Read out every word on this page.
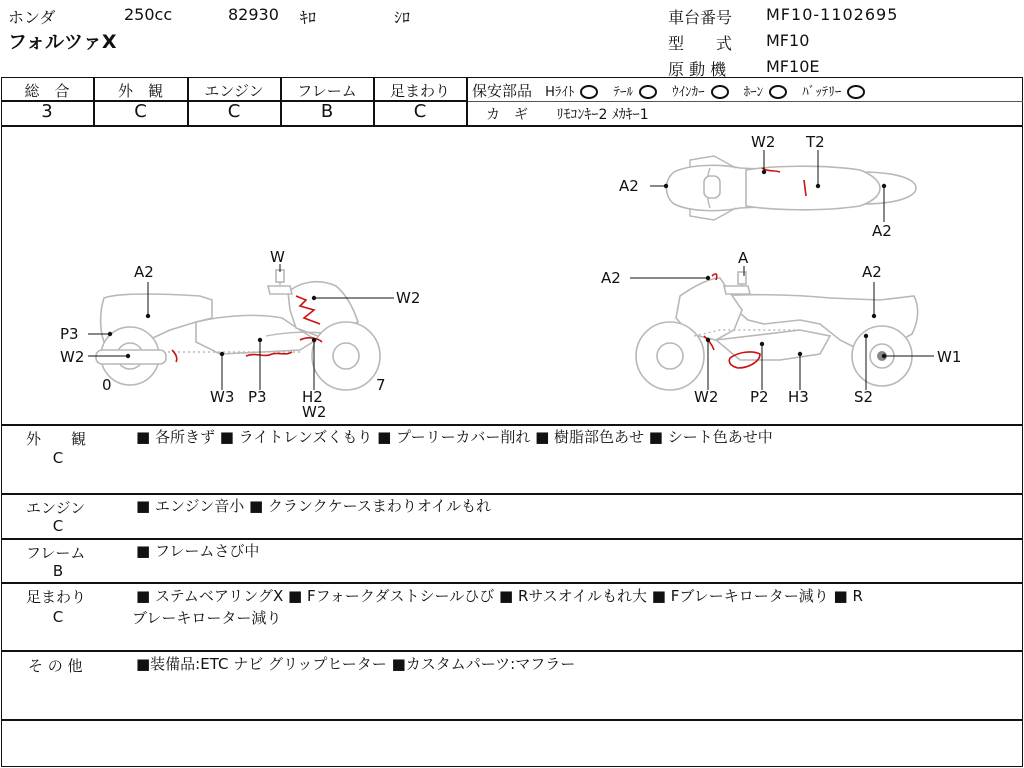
ホンダ	250cc	82930 ｷﾛ	ｼﾛ
フォルツァX
車台番号 MF10-1102695
型　　式 MF10
原 動 機 MF10E
総　合	外　観	エンジン	フレーム	足まわり
3	C	C	B	C
保安部品 Hﾗｲﾄ	ﾃｰﾙ	ｳｲﾝｶｰ	ﾎｰﾝ	ﾊﾞｯﾃﾘｰ
カ　ギ ﾘﾓｺﾝｷｰ2 ﾒｶｷｰ1
A2
P3
W2
0
W3 P3 H2
W2
7
W
W2
A2
A
A2
W1
W2 P2 H3	S2
W2 T2
A2
A2
外　　観
C
■ 各所きず ■ ライトレンズくもり ■ プーリーカバー削れ ■ 樹脂部色あせ ■ シート色あせ中
エンジン
C
■ エンジン音小 ■ クランクケースまわりオイルもれ
フレーム
B
■ フレームさび中
足まわり
C
■ ステムベアリングX ■ Fフォークダストシールひび ■ Rサスオイルもれ大 ■ Fブレーキローター減り ■ R
ブレーキローター減り
そ の 他	■装備品:ETC ナビ グリップヒーター ■カスタムパーツ:マフラー
